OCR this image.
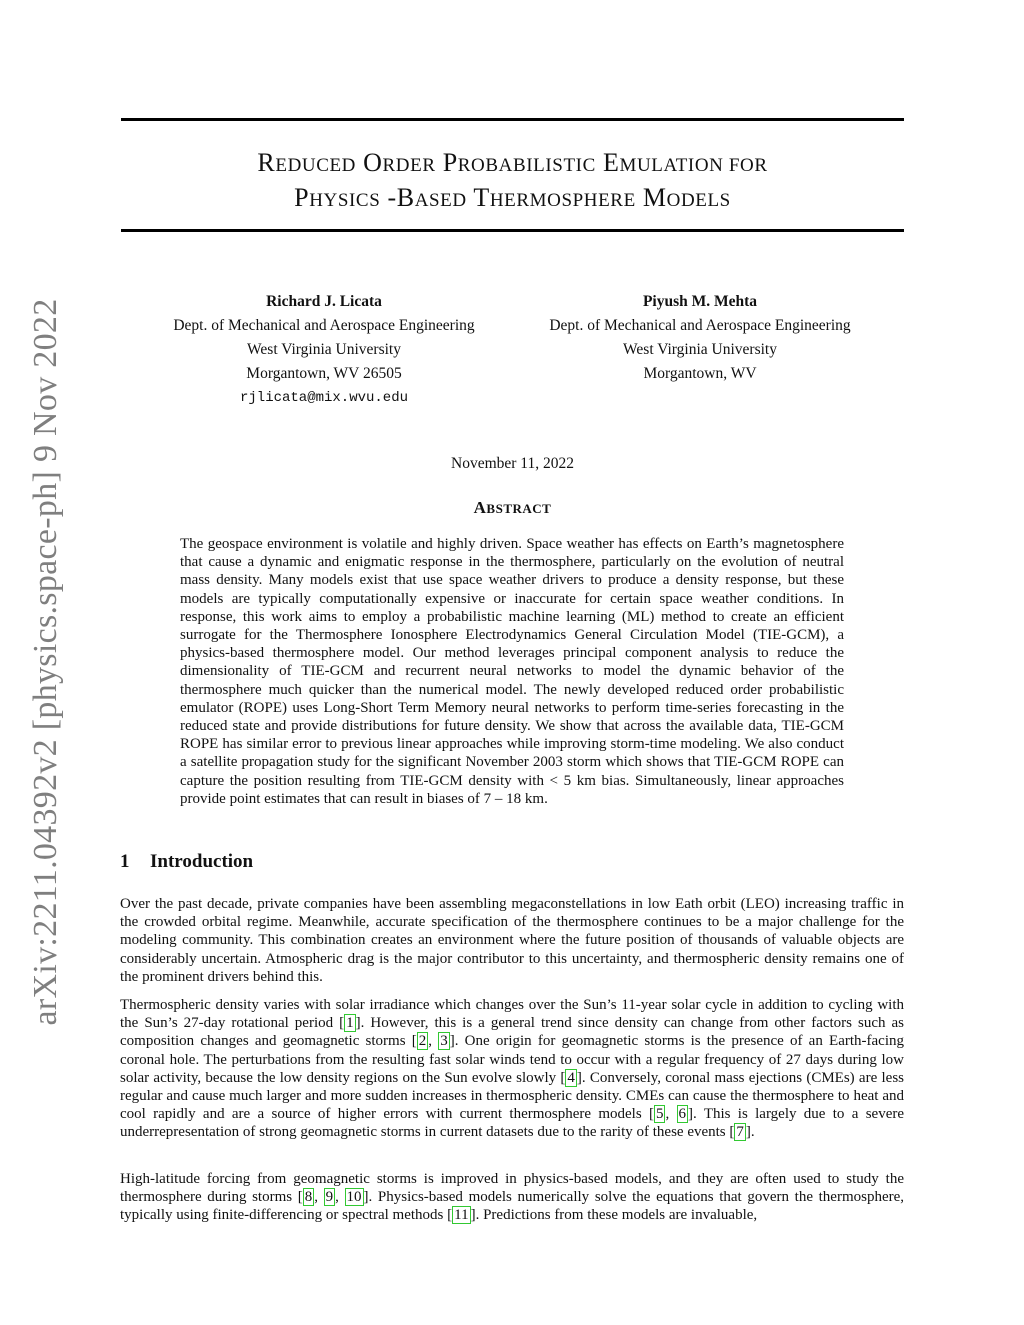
arXiv:2211.04392v2 [physics.space-ph] 9 Nov 2022
REDUCED ORDER PROBABILISTIC EMULATION FOR
PHYSICS -BASED THERMOSPHERE MODELS
Richard J. Licata
Dept. of Mechanical and Aerospace Engineering
West Virginia University
Morgantown, WV 26505
rjlicata@mix.wvu.edu
Piyush M. Mehta
Dept. of Mechanical and Aerospace Engineering
West Virginia University
Morgantown, WV
November 11, 2022
ABSTRACT
The geospace environment is volatile and highly driven. Space weather has effects on Earth’s magnetosphere that cause a dynamic and enigmatic response in the thermosphere, particularly on the evolution of neutral mass density. Many models exist that use space weather drivers to produce a density response, but these models are typically computationally expensive or inaccurate for certain space weather conditions. In response, this work aims to employ a probabilistic machine learning (ML) method to create an efficient surrogate for the Thermosphere Ionosphere Electrodynamics General Circulation Model (TIE-GCM), a physics-based thermosphere model. Our method leverages principal component analysis to reduce the dimensionality of TIE-GCM and recurrent neural networks to model the dynamic behavior of the thermosphere much quicker than the numerical model. The newly developed reduced order probabilistic emulator (ROPE) uses Long-Short Term Memory neural networks to perform time-series forecasting in the reduced state and provide distributions for future density. We show that across the available data, TIE-GCM ROPE has similar error to previous linear approaches while improving storm-time modeling. We also conduct a satellite propagation study for the significant November 2003 storm which shows that TIE-GCM ROPE can capture the position resulting from TIE-GCM density with < 5 km bias. Simultaneously, linear approaches provide point estimates that can result in biases of 7 – 18 km.
1 Introduction
Over the past decade, private companies have been assembling megaconstellations in low Eath orbit (LEO) increasing traffic in the crowded orbital regime. Meanwhile, accurate specification of the thermosphere continues to be a major challenge for the modeling community. This combination creates an environment where the future position of thousands of valuable objects are considerably uncertain. Atmospheric drag is the major contributor to this uncertainty, and thermospheric density remains one of the prominent drivers behind this.
Thermospheric density varies with solar irradiance which changes over the Sun’s 11-year solar cycle in addition to cycling with the Sun’s 27-day rotational period [ 1 ]. However, this is a general trend since density can change from other factors such as composition changes and geomagnetic storms [ 2 , 3 ]. One origin for geomagnetic storms is the presence of an Earth-facing coronal hole. The perturbations from the resulting fast solar winds tend to occur with a regular frequency of 27 days during low solar activity, because the low density regions on the Sun evolve slowly [ 4 ]. Conversely, coronal mass ejections (CMEs) are less regular and cause much larger and more sudden increases in thermospheric density. CMEs can cause the thermosphere to heat and cool rapidly and are a source of higher errors with current thermosphere models [ 5 , 6 ]. This is largely due to a severe underrepresentation of strong geomagnetic storms in current datasets due to the rarity of these events [ 7 ].
High-latitude forcing from geomagnetic storms is improved in physics-based models, and they are often used to study the thermosphere during storms [ 8 , 9 , 10 ]. Physics-based models numerically solve the equations that govern the thermosphere, typically using finite-differencing or spectral methods [ 11 ]. Predictions from these models are invaluable,
